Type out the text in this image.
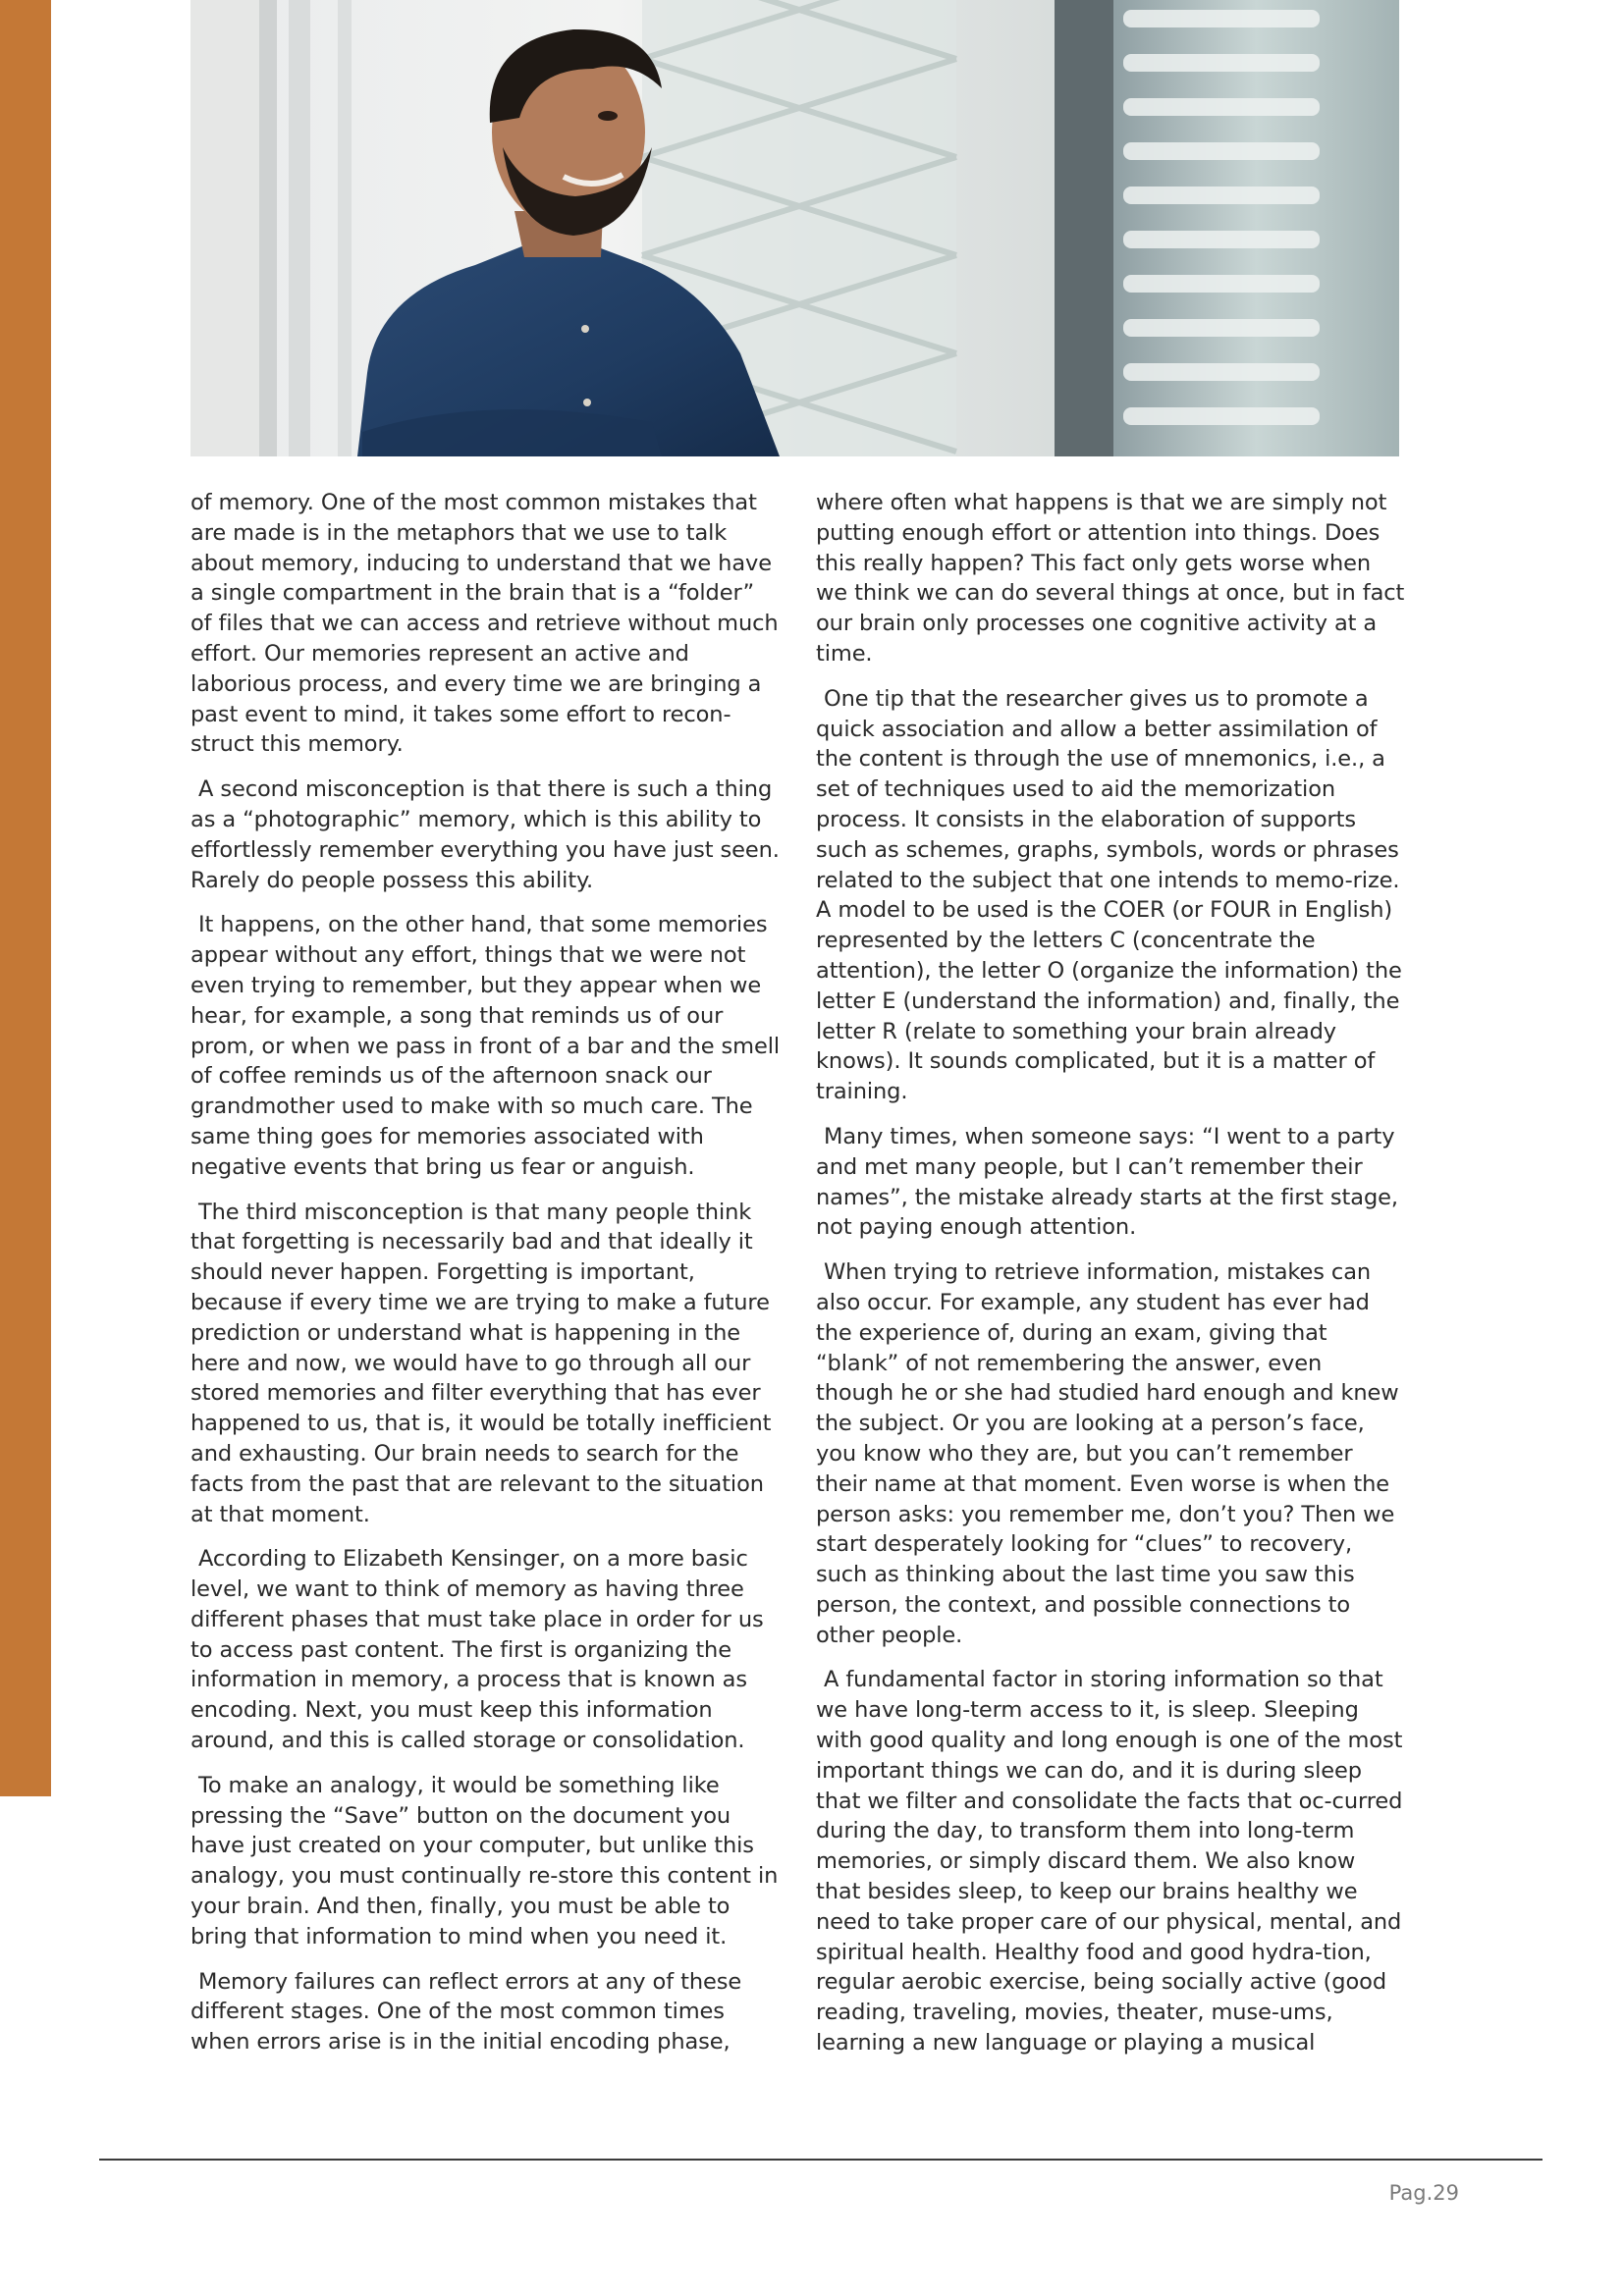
of memory. One of the most common mistakes that are made is in the metaphors that we use to talk about memory, inducing to understand that we have a single compartment in the brain that is a “folder” of files that we can access and retrieve without much effort. Our memories represent an active and laborious process, and every time we are bringing a past event to mind, it takes some effort to recon-struct this memory.

A second misconception is that there is such a thing as a “photographic” memory, which is this ability to effortlessly remember everything you have just seen. Rarely do people possess this ability.

It happens, on the other hand, that some memories appear without any effort, things that we were not even trying to remember, but they appear when we hear, for example, a song that reminds us of our prom, or when we pass in front of a bar and the smell of coffee reminds us of the afternoon snack our grandmother used to make with so much care. The same thing goes for memories associated with negative events that bring us fear or anguish.

The third misconception is that many people think that forgetting is necessarily bad and that ideally it should never happen. Forgetting is important, because if every time we are trying to make a future prediction or understand what is happening in the here and now, we would have to go through all our stored memories and filter everything that has ever happened to us, that is, it would be totally inefficient and exhausting. Our brain needs to search for the facts from the past that are relevant to the situation at that moment.

According to Elizabeth Kensinger, on a more basic level, we want to think of memory as having three different phases that must take place in order for us to access past content. The first is organizing the information in memory, a process that is known as encoding. Next, you must keep this information around, and this is called storage or consolidation.

To make an analogy, it would be something like pressing the “Save” button on the document you have just created on your computer, but unlike this analogy, you must continually re-store this content in your brain. And then, finally, you must be able to bring that information to mind when you need it.

Memory failures can reflect errors at any of these different stages. One of the most common times when errors arise is in the initial encoding phase,

where often what happens is that we are simply not putting enough effort or attention into things. Does this really happen? This fact only gets worse when we think we can do several things at once, but in fact our brain only processes one cognitive activity at a time.

One tip that the researcher gives us to promote a quick association and allow a better assimilation of the content is through the use of mnemonics, i.e., a set of techniques used to aid the memorization process. It consists in the elaboration of supports such as schemes, graphs, symbols, words or phrases related to the subject that one intends to memo-rize. A model to be used is the COER (or FOUR in English) represented by the letters C (concentrate the attention), the letter O (organize the information) the letter E (understand the information) and, finally, the letter R (relate to something your brain already knows). It sounds complicated, but it is a matter of training.

Many times, when someone says: “I went to a party and met many people, but I can’t remember their names”, the mistake already starts at the first stage, not paying enough attention.

When trying to retrieve information, mistakes can also occur. For example, any student has ever had the experience of, during an exam, giving that “blank” of not remembering the answer, even though he or she had studied hard enough and knew the subject. Or you are looking at a person’s face, you know who they are, but you can’t remember their name at that moment. Even worse is when the person asks: you remember me, don’t you? Then we start desperately looking for “clues” to recovery, such as thinking about the last time you saw this person, the context, and possible connections to other people.

A fundamental factor in storing information so that we have long-term access to it, is sleep. Sleeping with good quality and long enough is one of the most important things we can do, and it is during sleep that we filter and consolidate the facts that oc-curred during the day, to transform them into long-term memories, or simply discard them. We also know that besides sleep, to keep our brains healthy we need to take proper care of our physical, mental, and spiritual health. Healthy food and good hydra-tion, regular aerobic exercise, being socially active (good reading, traveling, movies, theater, muse-ums, learning a new language or playing a musical

Pag.29
